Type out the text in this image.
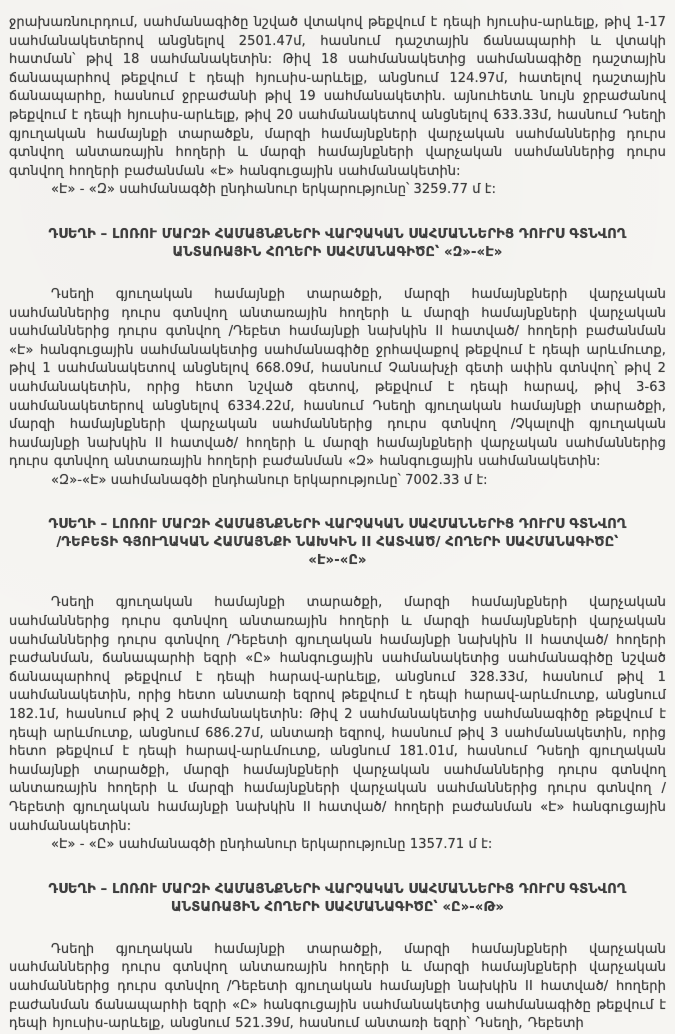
ջրախառնուրդում, սահմանագիծը նշված վտակով թեքվում է դեպի հյուսիս-արևելք, թիվ 1-17 սահմանակետերով անցնելով 2501.47մ, հասնում դաշտային ճանապարհի և վտակի հատման՝ թիվ 18 սահմանակետին: Թիվ 18 սահմանակետից սահմանագիծը դաշտային ճանապարհով թեքվում է դեպի հյուսիս-արևելք, անցնում 124.97մ, հատելով դաշտային ճանապարհը, հասնում ջրբաժանի թիվ 19 սահմանակետին. այնուհետև նույն ջրբաժանով թեքվում է դեպի հյուսիս-արևելք, թիվ 20 սահմանակետով անցնելով 633.33մ, հասնում Դսեղի գյուղական համայնքի տարածքն, մարզի համայնքների վարչական սահմաններից դուրս գտնվող անտառային հողերի և մարզի համայնքների վարչական սահմաններից դուրս գտնվող հողերի բաժանման «Է» հանգուցային սահմանակետին:

«Է» - «Զ» սահմանագծի ընդհանուր երկարությունը՝ 3259.77 մ է:

ԴՍԵՂԻ – ԼՈՌՈՒ ՄԱՐԶԻ ՀԱՄԱՅՆՔՆԵՐԻ ՎԱՐՉԱԿԱՆ ՍԱՀՄԱՆՆԵՐԻՑ ԴՈՒՐՍ ԳՏՆՎՈՂ
ԱՆՏԱՌԱՅԻՆ ՀՈՂԵՐԻ ՍԱՀՄԱՆԱԳԻԾԸ՝ «Զ»-«Է»

Դսեղի գյուղական համայնքի տարածքի, մարզի համայնքների վարչական սահմաններից դուրս գտնվող անտառային հողերի և մարզի համայնքների վարչական սահմաններից դուրս գտնվող /Դեբետ համայնքի նախկին II հատված/ հողերի բաժանման «Է» հանգուցային սահմանակետից սահմանագիծը ջրհավաքով թեքվում է դեպի արևմուտք, թիվ 1 սահմանակետով անցնելով 668.09մ, հասնում Չանախչի գետի ափին գտնվող՝ թիվ 2 սահմանակետին, որից հետո նշված գետով, թեքվում է դեպի հարավ, թիվ 3-63 սահմանակետերով անցնելով 6334.22մ, հասնում Դսեղի գյուղական համայնքի տարածքի, մարզի համայնքների վարչական սահմաններից դուրս գտնվող /Չկալովի գյուղական համայնքի նախկին II հատված/ հողերի և մարզի համայնքների վարչական սահմաններից դուրս գտնվող անտառային հողերի բաժանման «Զ» հանգուցային սահմանակետին:

«Զ»-«Է» սահմանագծի ընդհանուր երկարությունը՝ 7002.33 մ է:

ԴՍԵՂԻ – ԼՈՌՈՒ ՄԱՐԶԻ ՀԱՄԱՅՆՔՆԵՐԻ ՎԱՐՉԱԿԱՆ ՍԱՀՄԱՆՆԵՐԻՑ ԴՈՒՐՍ ԳՏՆՎՈՂ
/ԴԵԲԵՏԻ ԳՅՈՒՂԱԿԱՆ ՀԱՄԱՅՆՔԻ ՆԱԽԿԻՆ II ՀԱՏՎԱԾ/ ՀՈՂԵՐԻ ՍԱՀՄԱՆԱԳԻԾԸ՝ «Է»-«Ը»

Դսեղի գյուղական համայնքի տարածքի, մարզի համայնքների վարչական սահմաններից դուրս գտնվող անտառային հողերի և մարզի համայնքների վարչական սահմաններից դուրս գտնվող /Դեբետի գյուղական համայնքի նախկին II հատված/ հողերի բաժանման, ճանապարհի եզրի «Ը» հանգուցային սահմանակետից սահմանագիծը նշված ճանապարհով թեքվում է դեպի հարավ-արևելք, անցնում 328.33մ, հասնում թիվ 1 սահմանակետին, որից հետո անտառի եզրով թեքվում է դեպի հարավ-արևմուտք, անցնում 182.1մ, հասնում թիվ 2 սահմանակետին: Թիվ 2 սահմանակետից սահմանագիծը թեքվում է դեպի արևմուտք, անցնում 686.27մ, անտառի եզրով, հասնում թիվ 3 սահմանակետին, որից հետո թեքվում է դեպի հարավ-արևմուտք, անցնում 181.01մ, հասնում Դսեղի գյուղական համայնքի տարածքի, մարզի համայնքների վարչական սահմաններից դուրս գտնվող անտառային հողերի և մարզի համայնքների վարչական սահմաններից դուրս գտնվող /Դեբետի գյուղական համայնքի նախկին II հատված/ հողերի բաժանման «Է» հանգուցային սահմանակետին:

«Է» - «Ը» սահմանագծի ընդհանուր երկարությունը 1357.71 մ է:

ԴՍԵՂԻ – ԼՈՌՈՒ ՄԱՐԶԻ ՀԱՄԱՅՆՔՆԵՐԻ ՎԱՐՉԱԿԱՆ ՍԱՀՄԱՆՆԵՐԻՑ ԴՈՒՐՍ ԳՏՆՎՈՂ
ԱՆՏԱՌԱՅԻՆ ՀՈՂԵՐԻ ՍԱՀՄԱՆԱԳԻԾԸ՝ «Ը»-«Թ»

Դսեղի գյուղական համայնքի տարածքի, մարզի համայնքների վարչական սահմաններից դուրս գտնվող անտառային հողերի և մարզի համայնքների վարչական սահմաններից դուրս գտնվող /Դեբետի գյուղական համայնքի նախկին II հատված/ հողերի բաժանման ճանապարհի եզրի «Ը» հանգուցային սահմանակետից սահմանագիծը թեքվում է դեպի հյուսիս-արևելք, անցնում 521.39մ, հասնում անտառի եզրի՝ Դսեղի, Դեբետի
